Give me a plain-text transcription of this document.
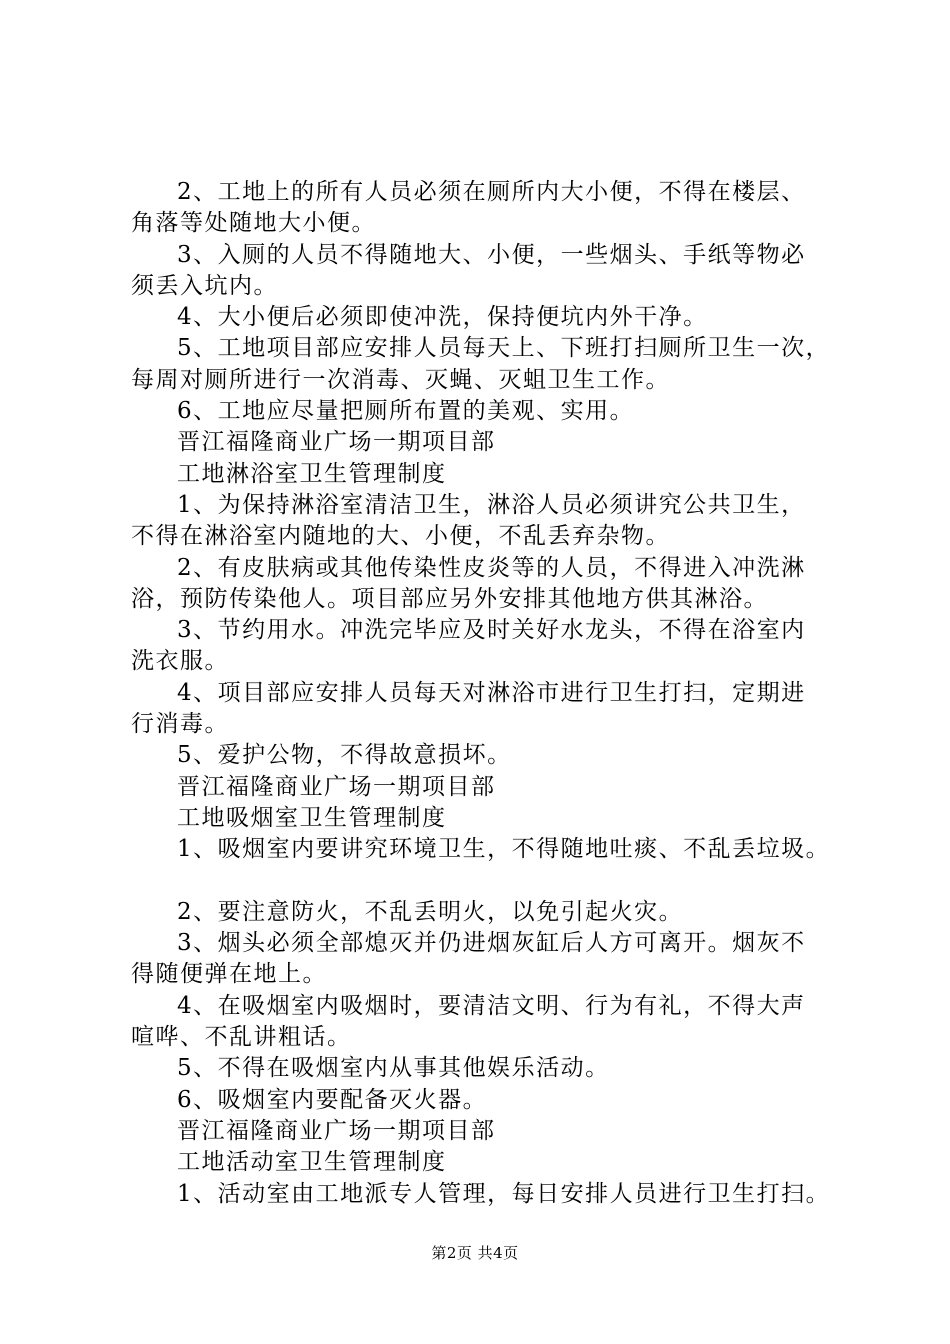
2、工地上的所有人员必须在厕所内大小便，不得在楼层、
角落等处随地大小便。
3、入厕的人员不得随地大、小便，一些烟头、手纸等物必
须丢入坑内。
4、大小便后必须即使冲洗，保持便坑内外干净。
5、工地项目部应安排人员每天上、下班打扫厕所卫生一次，
每周对厕所进行一次消毒、灭蝇、灭蛆卫生工作。
6、工地应尽量把厕所布置的美观、实用。
晋江福隆商业广场一期项目部
工地淋浴室卫生管理制度
1、为保持淋浴室清洁卫生，淋浴人员必须讲究公共卫生，
不得在淋浴室内随地的大、小便，不乱丢弃杂物。
2、有皮肤病或其他传染性皮炎等的人员，不得进入冲洗淋
浴，预防传染他人。项目部应另外安排其他地方供其淋浴。
3、节约用水。冲洗完毕应及时关好水龙头，不得在浴室内
洗衣服。
4、项目部应安排人员每天对淋浴市进行卫生打扫，定期进
行消毒。
5、爱护公物，不得故意损坏。
晋江福隆商业广场一期项目部
工地吸烟室卫生管理制度
1、吸烟室内要讲究环境卫生，不得随地吐痰、不乱丢垃圾。
2、要注意防火，不乱丢明火，以免引起火灾。
3、烟头必须全部熄灭并仍进烟灰缸后人方可离开。烟灰不
得随便弹在地上。
4、在吸烟室内吸烟时，要清洁文明、行为有礼，不得大声
喧哗、不乱讲粗话。
5、不得在吸烟室内从事其他娱乐活动。
6、吸烟室内要配备灭火器。
晋江福隆商业广场一期项目部
工地活动室卫生管理制度
1、活动室由工地派专人管理，每日安排人员进行卫生打扫。
第2页 共4页
